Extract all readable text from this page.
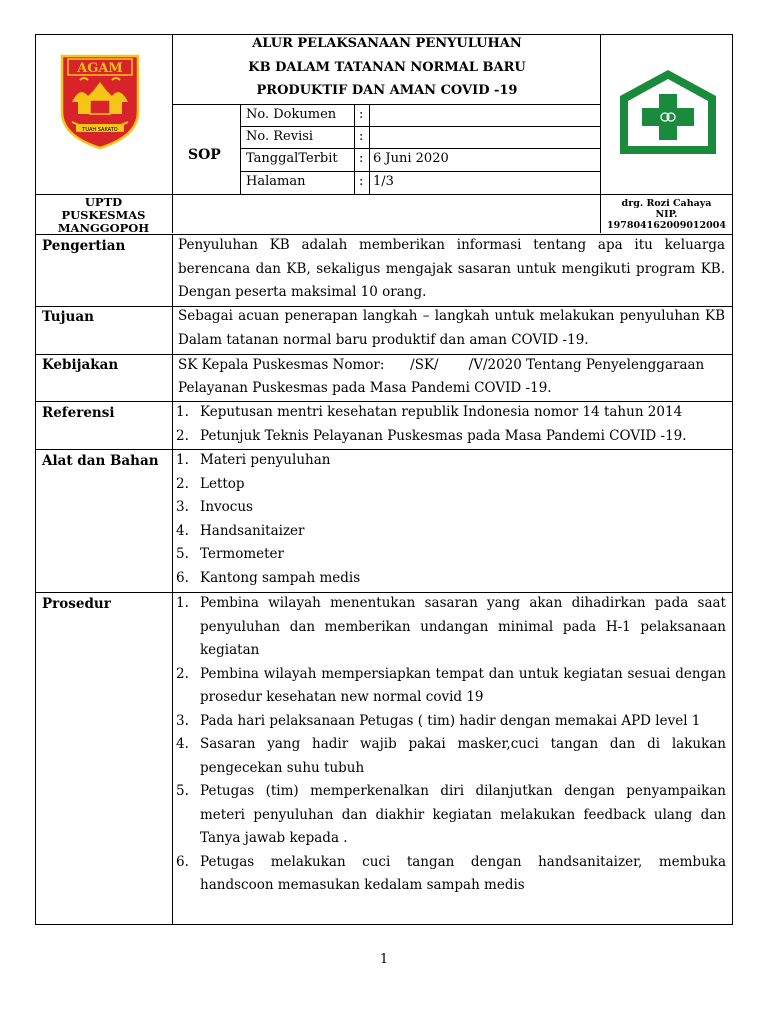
AGAM
TUAH SAKATO
ALUR PELAKSANAAN PENYULUHAN
KB DALAM TATANAN NORMAL BARU
PRODUKTIF DAN AMAN COVID -19
SOP
No. Dokumen :
No. Revisi	:
TanggalTerbit : 6 Juni 2020
Halaman	: 1/3
UPTD
PUSKESMAS
MANGGOPOH
drg. Rozi Cahaya
NIP.
197804162009012004
Pengertian	Penyuluhan KB adalah memberikan informasi tentang apa itu keluarga berencana dan KB, sekaligus mengajak sasaran untuk mengikuti program KB. Dengan peserta maksimal 10 orang.
Tujuan	Sebagai acuan penerapan langkah – langkah untuk melakukan penyuluhan KB Dalam tatanan normal baru produktif dan aman COVID -19.
Kebijakan	SK Kepala Puskesmas Nomor:      /SK/       /V/2020 Tentang Penyelenggaraan
Pelayanan Puskesmas pada Masa Pandemi COVID -19.
Referensi	1. Keputusan mentri kesehatan republik Indonesia nomor 14 tahun 2014
2. Petunjuk Teknis Pelayanan Puskesmas pada Masa Pandemi COVID -19.
Alat dan Bahan 1. Materi penyuluhan
2. Lettop
3. Invocus
4. Handsanitaizer
5. Termometer
6. Kantong sampah medis
Prosedur	1. Pembina wilayah menentukan sasaran yang akan dihadirkan pada saat penyuluhan dan memberikan undangan minimal pada H-1 pelaksanaan kegiatan
2. Pembina wilayah mempersiapkan tempat dan untuk kegiatan sesuai dengan prosedur kesehatan new normal covid 19
3. Pada hari pelaksanaan Petugas ( tim) hadir dengan memakai APD level 1
4. Sasaran yang hadir wajib pakai masker,cuci tangan dan di lakukan pengecekan suhu tubuh
5. Petugas (tim) memperkenalkan diri dilanjutkan dengan penyampaikan meteri penyuluhan dan diakhir kegiatan melakukan feedback ulang dan Tanya jawab kepada .
6. Petugas melakukan cuci tangan dengan handsanitaizer, membuka handscoon memasukan kedalam sampah medis
1
